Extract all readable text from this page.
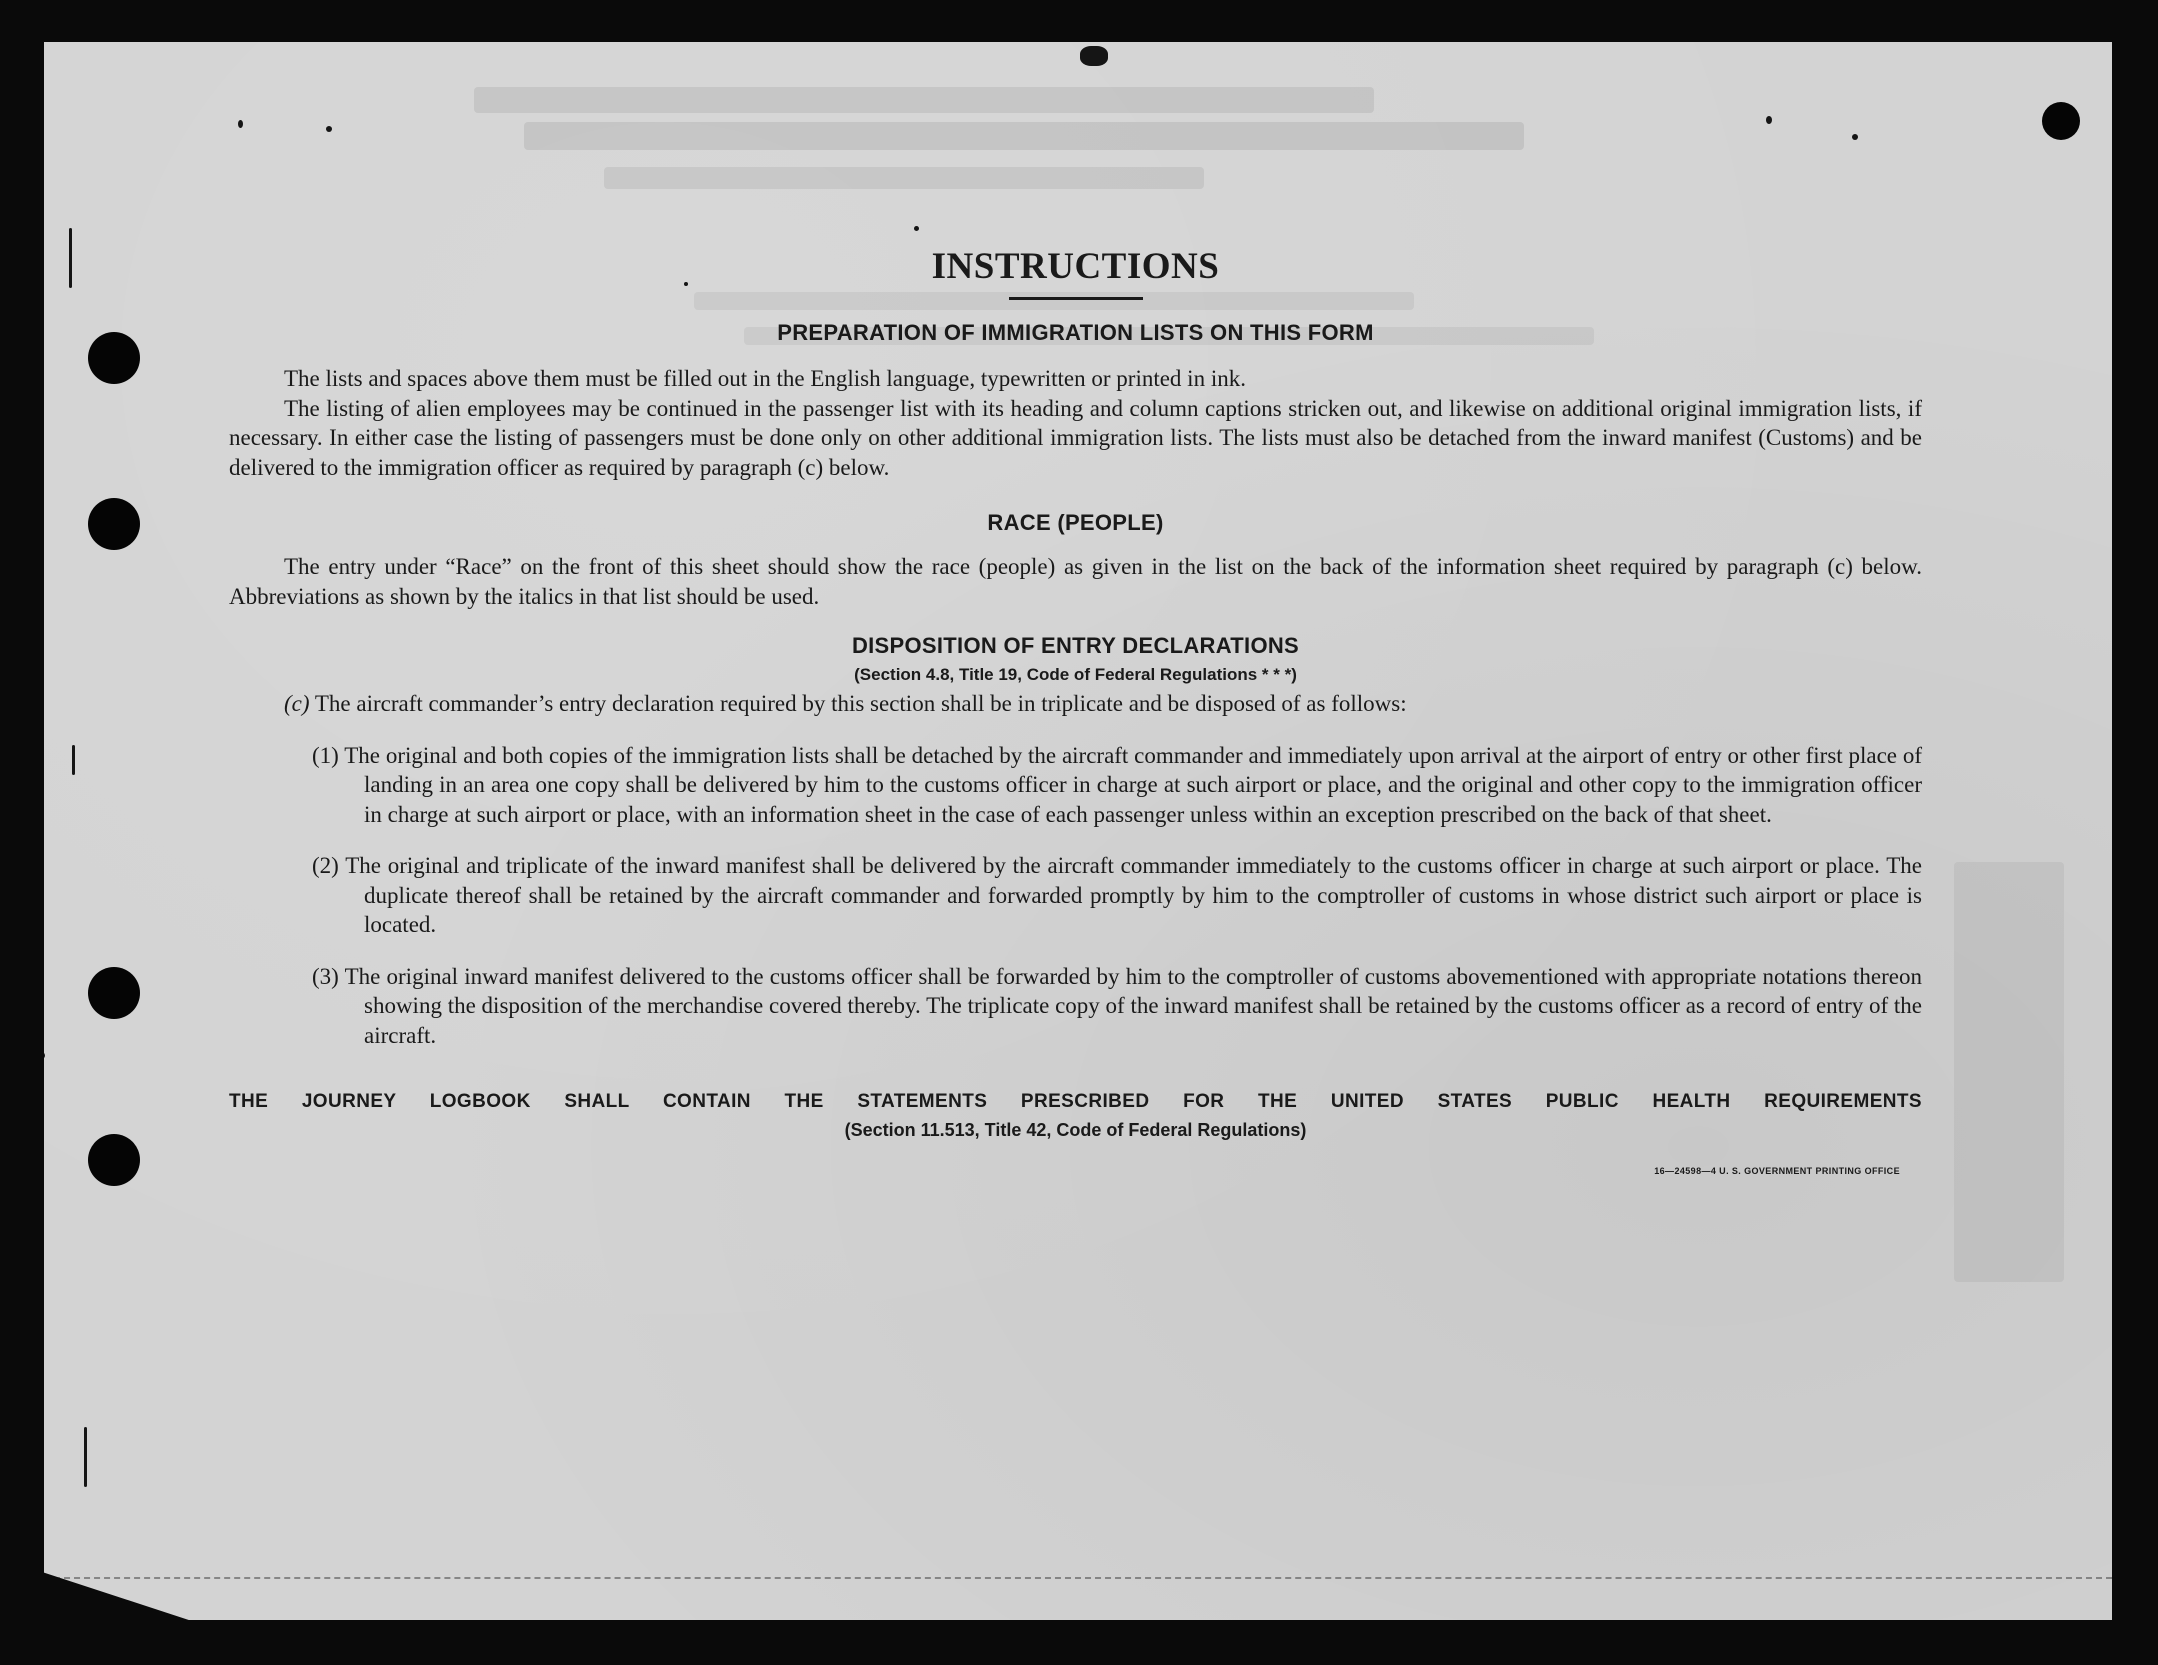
INSTRUCTIONS
PREPARATION OF IMMIGRATION LISTS ON THIS FORM

The lists and spaces above them must be filled out in the English language, typewritten or printed in ink.

The listing of alien employees may be continued in the passenger list with its heading and column captions stricken out, and likewise on additional original immigration lists, if necessary. In either case the listing of passengers must be done only on other additional immigration lists. The lists must also be detached from the inward manifest (Customs) and be delivered to the immigration officer as required by paragraph (c) below.

RACE (PEOPLE)

The entry under “Race” on the front of this sheet should show the race (people) as given in the list on the back of the information sheet required by paragraph (c) below. Abbreviations as shown by the italics in that list should be used.

DISPOSITION OF ENTRY DECLARATIONS

(Section 4.8, Title 19, Code of Federal Regulations * * *)

(c) The aircraft commander’s entry declaration required by this section shall be in triplicate and be disposed of as follows:

(1) The original and both copies of the immigration lists shall be detached by the aircraft commander and immediately upon arrival at the airport of entry or other first place of landing in an area one copy shall be delivered by him to the customs officer in charge at such airport or place, and the original and other copy to the immigration officer in charge at such airport or place, with an information sheet in the case of each passenger unless within an exception prescribed on the back of that sheet.

(2) The original and triplicate of the inward manifest shall be delivered by the aircraft commander immediately to the customs officer in charge at such airport or place. The duplicate thereof shall be retained by the aircraft commander and forwarded promptly by him to the comptroller of customs in whose district such airport or place is located.

(3) The original inward manifest delivered to the customs officer shall be forwarded by him to the comptroller of customs abovementioned with appropriate notations thereon showing the disposition of the merchandise covered thereby. The triplicate copy of the inward manifest shall be retained by the customs officer as a record of entry of the aircraft.

THE JOURNEY LOGBOOK SHALL CONTAIN THE STATEMENTS PRESCRIBED FOR THE UNITED STATES PUBLIC HEALTH REQUIREMENTS

(Section 11.513, Title 42, Code of Federal Regulations)

16—24598—4 U. S. GOVERNMENT PRINTING OFFICE
